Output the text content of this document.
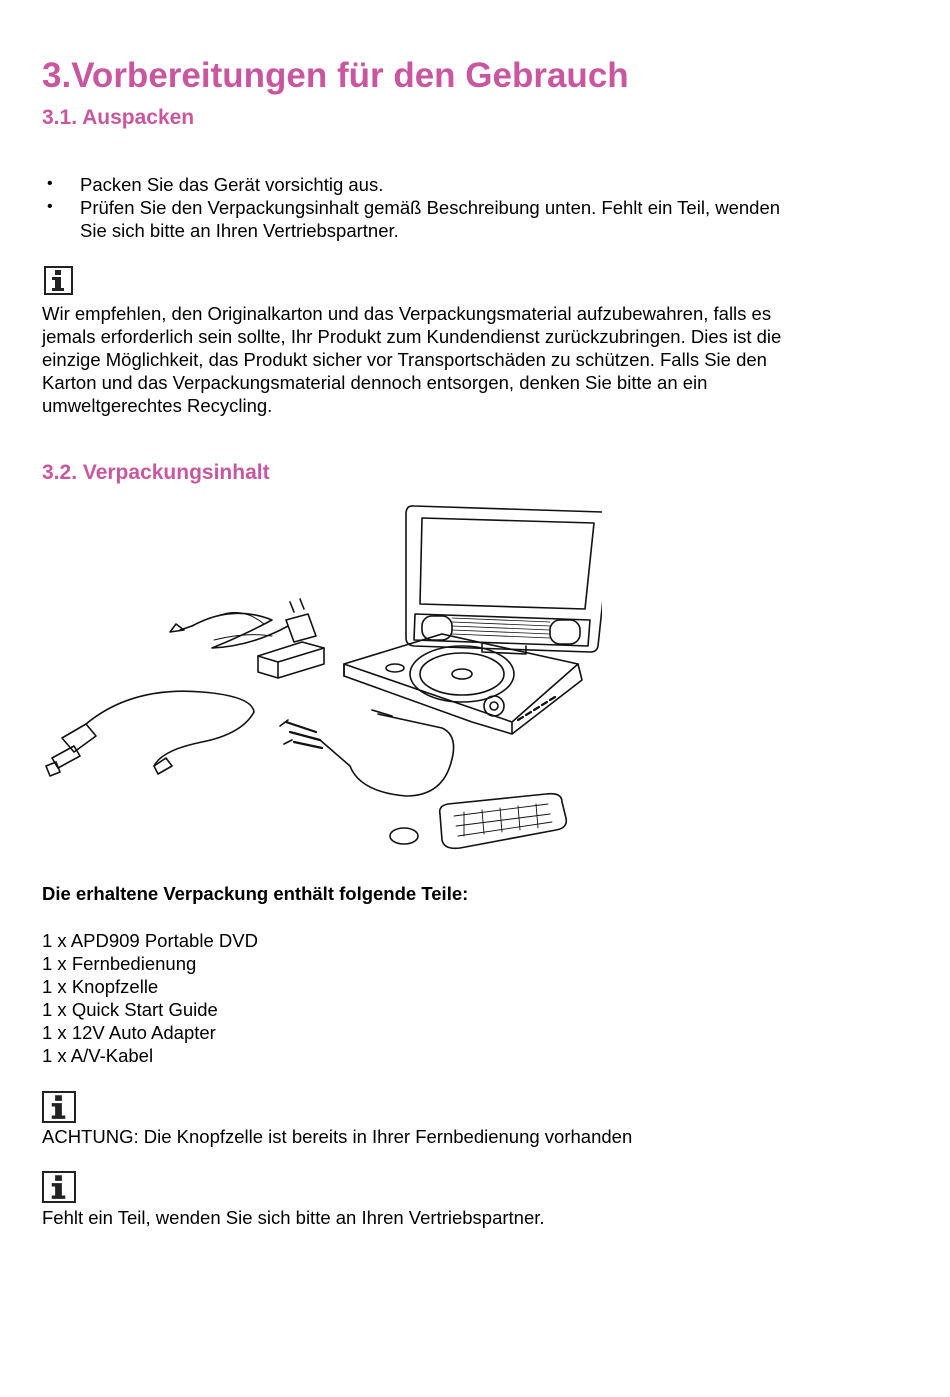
3.Vorbereitungen für den Gebrauch
3.1. Auspacken
• Packen Sie das Gerät vorsichtig aus.
• Prüfen Sie den Verpackungsinhalt gemäß Beschreibung unten. Fehlt ein Teil, wenden
Sie sich bitte an Ihren Vertriebspartner.
Wir empfehlen, den Originalkarton und das Verpackungsmaterial aufzubewahren, falls es
jemals erforderlich sein sollte, Ihr Produkt zum Kundendienst zurückzubringen. Dies ist die
einzige Möglichkeit, das Produkt sicher vor Transportschäden zu schützen. Falls Sie den
Karton und das Verpackungsmaterial dennoch entsorgen, denken Sie bitte an ein
umweltgerechtes Recycling.
3.2. Verpackungsinhalt
Die erhaltene Verpackung enthält folgende Teile:
1 x APD909 Portable DVD
1 x Fernbedienung
1 x Knopfzelle
1 x Quick Start Guide
1 x 12V Auto Adapter
1 x A/V-Kabel
ACHTUNG: Die Knopfzelle ist bereits in Ihrer Fernbedienung vorhanden
Fehlt ein Teil, wenden Sie sich bitte an Ihren Vertriebspartner.
